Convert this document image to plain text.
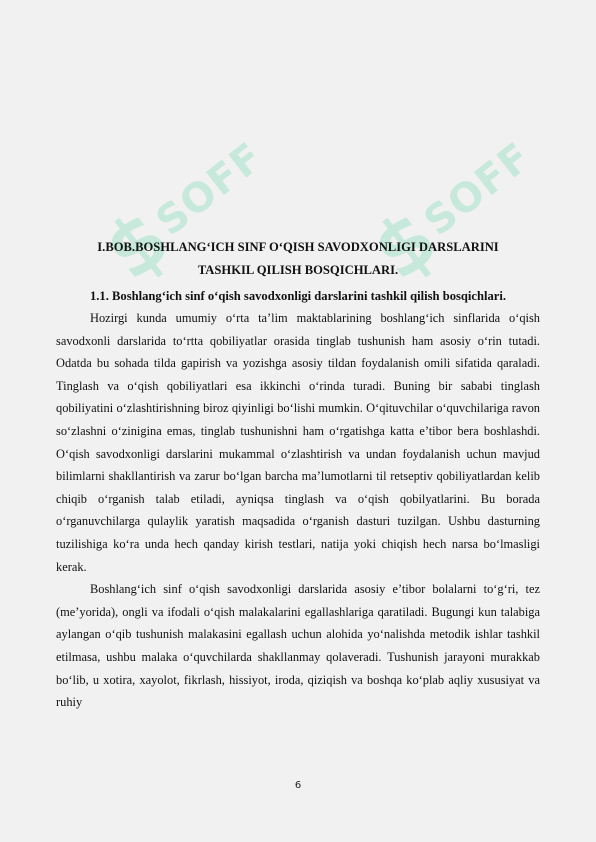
$SOFF
$SOFF

I.BOB.BOSHLANG‘ICH SINF O‘QISH SAVODXONLIGI DARSLARINI

TASHKIL QILISH BOSQICHLARI.

1.1. Boshlang‘ich sinf o‘qish savodxonligi darslarini tashkil qilish bosqichlari.

Hozirgi kunda umumiy o‘rta ta’lim maktablarining boshlang‘ich sinflarida o‘qish savodxonli darslarida to‘rtta qobiliyatlar orasida tinglab tushunish ham asosiy o‘rin tutadi. Odatda bu sohada tilda gapirish va yozishga asosiy tildan foydalanish omili sifatida qaraladi. Tinglash va o‘qish qobiliyatlari esa ikkinchi o‘rinda turadi. Buning bir sababi tinglash qobiliyatini o‘zlashtirishning biroz qiyinligi bo‘lishi mumkin. O‘qituvchilar o‘quvchilariga ravon so‘zlashni o‘zinigina emas, tinglab tushunishni ham o‘rgatishga katta e’tibor bera boshlashdi. O‘qish savodxonligi darslarini mukammal o‘zlashtirish va undan foydalanish uchun mavjud bilimlarni shakllantirish va zarur bo‘lgan barcha ma’lumotlarni til retseptiv qobiliyatlardan kelib chiqib o‘rganish talab etiladi, ayniqsa tinglash va o‘qish qobilyatlarini. Bu borada o‘rganuvchilarga qulaylik yaratish maqsadida o‘rganish dasturi tuzilgan. Ushbu dasturning tuzilishiga ko‘ra unda hech qanday kirish testlari, natija yoki chiqish hech narsa bo‘lmasligi kerak.

Boshlang‘ich sinf o‘qish savodxonligi darslarida asosiy e’tibor bolalarni to‘g‘ri, tez (me’yorida), ongli va ifodali o‘qish malakalarini egallashlariga qaratiladi. Bugungi kun talabiga aylangan o‘qib tushunish malakasini egallash uchun alohida yo‘nalishda metodik ishlar tashkil etilmasa, ushbu malaka o‘quvchilarda shakllanmay qolaveradi. Tushunish jarayoni murakkab bo‘lib, u xotira, xayolot, fikrlash, hissiyot, iroda, qiziqish va boshqa ko‘plab aqliy xususiyat va ruhiy

6
